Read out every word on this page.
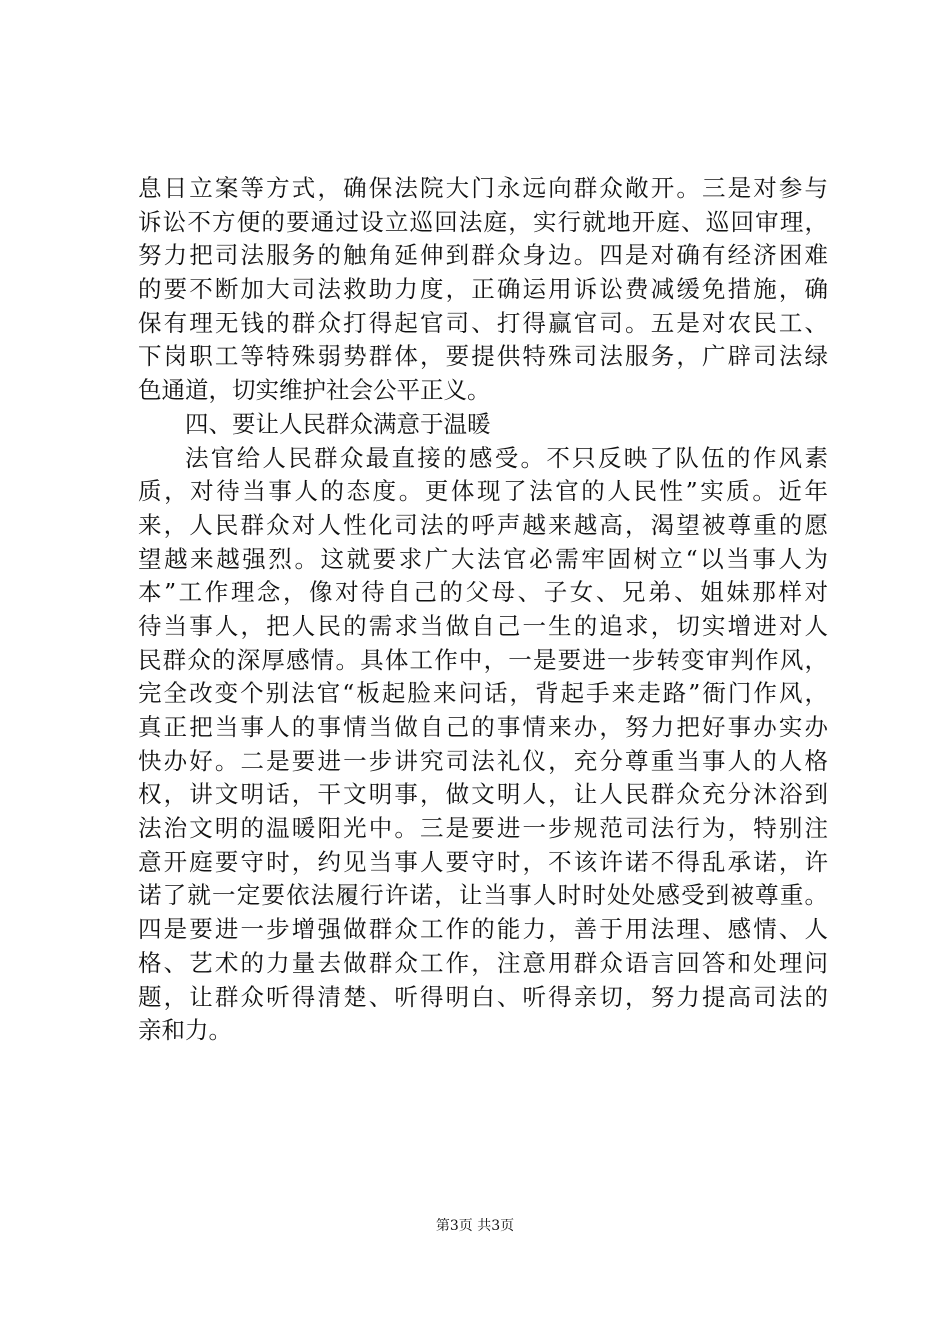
息日立案等方式，确保法院大门永远向群众敞开。三是对参与
诉讼不方便的要通过设立巡回法庭，实行就地开庭、巡回审理，
努力把司法服务的触角延伸到群众身边。四是对确有经济困难
的要不断加大司法救助力度，正确运用诉讼费减缓免措施，确
保有理无钱的群众打得起官司、打得赢官司。五是对农民工、
下岗职工等特殊弱势群体，要提供特殊司法服务，广辟司法绿
色通道，切实维护社会公平正义。
四、要让人民群众满意于温暖
法官给人民群众最直接的感受。不只反映了队伍的作风素
质，对待当事人的态度。更体现了法官的人民性”实质。近年
来，人民群众对人性化司法的呼声越来越高，渴望被尊重的愿
望越来越强烈。这就要求广大法官必需牢固树立“以当事人为
本”工作理念，像对待自己的父母、子女、兄弟、姐妹那样对
待当事人，把人民的需求当做自己一生的追求，切实增进对人
民群众的深厚感情。具体工作中，一是要进一步转变审判作风，
完全改变个别法官“板起脸来问话，背起手来走路”衙门作风，
真正把当事人的事情当做自己的事情来办，努力把好事办实办
快办好。二是要进一步讲究司法礼仪，充分尊重当事人的人格
权，讲文明话，干文明事，做文明人，让人民群众充分沐浴到
法治文明的温暖阳光中。三是要进一步规范司法行为，特别注
意开庭要守时，约见当事人要守时，不该许诺不得乱承诺，许
诺了就一定要依法履行许诺，让当事人时时处处感受到被尊重。
四是要进一步增强做群众工作的能力，善于用法理、感情、人
格、艺术的力量去做群众工作，注意用群众语言回答和处理问
题，让群众听得清楚、听得明白、听得亲切，努力提高司法的
亲和力。
第3页 共3页
